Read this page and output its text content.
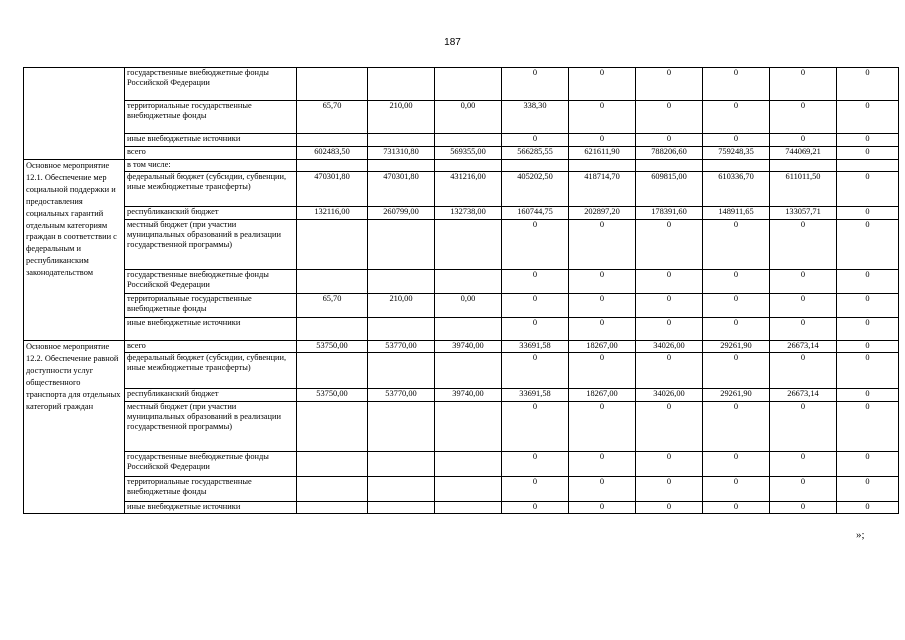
187
	государственные внебюджетные фонды Российской Федерации				0	0	0	0	0	0
	территориальные государственные внебюджетные фонды	65,70	210,00	0,00	338,30	0	0	0	0	0
	иные внебюджетные источники				0	0	0	0	0	0
	всего	602483,50	731310,80	569355,00	566285,55	621611,90	788206,60	759248,35	744069,21	0
Основное мероприятие 12.1. Обеспечение мер социальной поддержки и предоставления социальных гарантий отдельным категориям граждан в соответствии с федеральным и республиканским законодательством	в том числе:									
	федеральный бюджет (субсидии, субвенции, иные межбюджетные трансферты)	470301,80	470301,80	431216,00	405202,50	418714,70	609815,00	610336,70	611011,50	0
	республиканский бюджет	132116,00	260799,00	132738,00	160744,75	202897,20	178391,60	148911,65	133057,71	0
	местный бюджет (при участии муниципальных образований в реализации государственной программы)				0	0	0	0	0	0
	государственные внебюджетные фонды Российской Федерации				0	0	0	0	0	0
	территориальные государственные внебюджетные фонды	65,70	210,00	0,00	0	0	0	0	0	0
	иные внебюджетные источники				0	0	0	0	0	0
Основное мероприятие 12.2. Обеспечение равной доступности услуг общественного транспорта для отдельных категорий граждан	всего	53750,00	53770,00	39740,00	33691,58	18267,00	34026,00	29261,90	26673,14	0
	федеральный бюджет (субсидии, субвенции, иные межбюджетные трансферты)				0	0	0	0	0	0
	республиканский бюджет	53750,00	53770,00	39740,00	33691,58	18267,00	34026,00	29261,90	26673,14	0
	местный бюджет (при участии муниципальных образований в реализации государственной программы)				0	0	0	0	0	0
	государственные внебюджетные фонды Российской Федерации				0	0	0	0	0	0
	территориальные государственные внебюджетные фонды				0	0	0	0	0	0
	иные внебюджетные источники				0	0	0	0	0	0
»;
